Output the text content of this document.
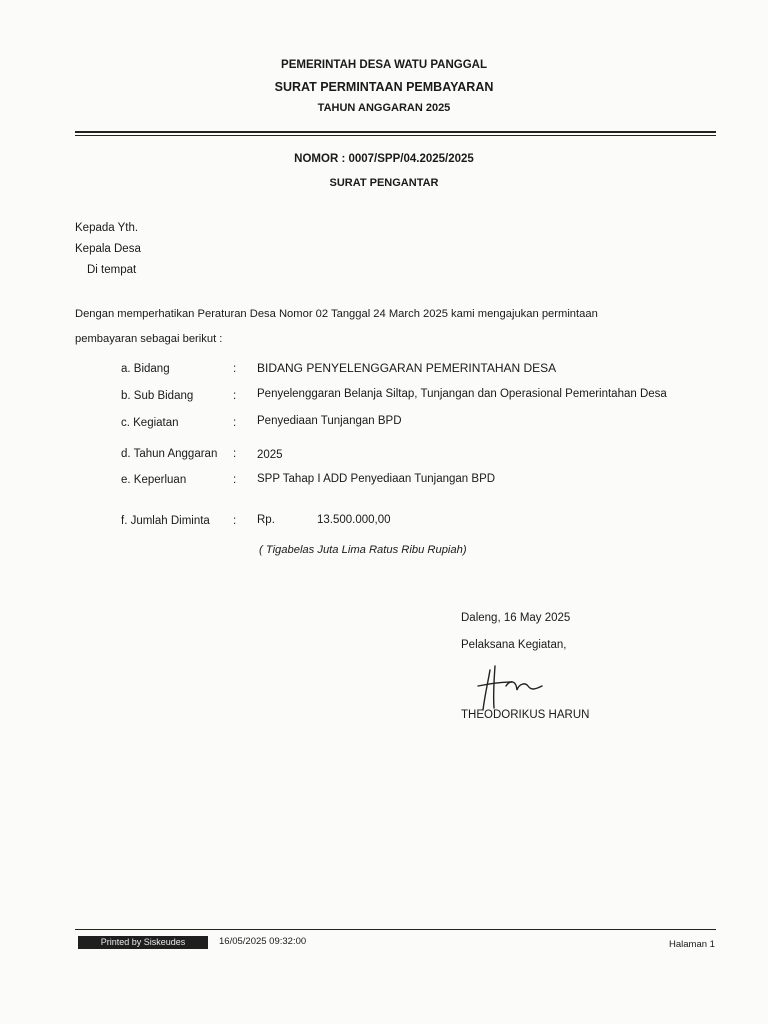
PEMERINTAH DESA WATU PANGGAL
SURAT PERMINTAAN PEMBAYARAN
TAHUN ANGGARAN 2025
NOMOR : 0007/SPP/04.2025/2025
SURAT PENGANTAR
Kepada Yth.
Kepala Desa
Di tempat
Dengan memperhatikan Peraturan Desa Nomor 02 Tanggal 24 March 2025 kami mengajukan permintaan
pembayaran sebagai berikut :
a. Bidang	: BIDANG PENYELENGGARAN PEMERINTAHAN DESA
b. Sub Bidang	: Penyelenggaran Belanja Siltap, Tunjangan dan Operasional Pemerintahan Desa
c. Kegiatan	: Penyediaan Tunjangan BPD
d. Tahun Anggaran : 2025
e. Keperluan	: SPP Tahap I ADD Penyediaan Tunjangan BPD
f. Jumlah Diminta : Rp.	13.500.000,00
( Tigabelas Juta Lima Ratus Ribu Rupiah)
Daleng, 16 May 2025
Pelaksana Kegiatan,
THEODORIKUS HARUN
Printed by Siskeudes	16/05/2025 09:32:00	Halaman 1
